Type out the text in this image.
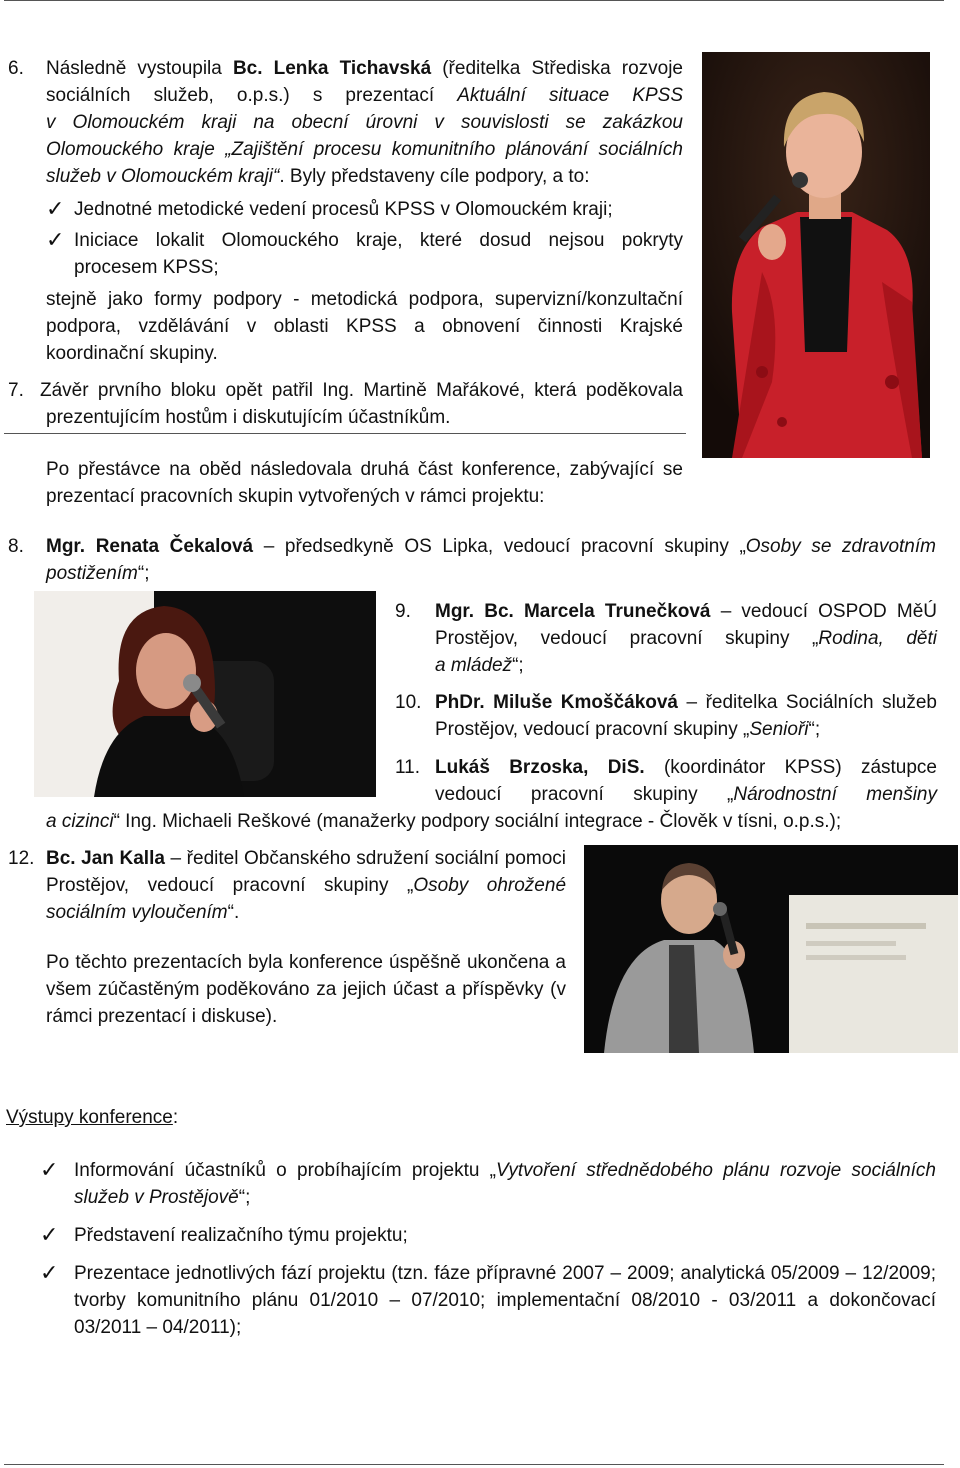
6. Následně vystoupila Bc. Lenka Tichavská (ředitelka Střediska rozvoje
sociálních služeb, o.p.s.) s prezentací Aktuální situace KPSS
v Olomouckém kraji na obecní úrovni v souvislosti se zakázkou
Olomouckého kraje „Zajištění procesu komunitního plánování sociálních
služeb v Olomouckém kraji“. Byly představeny cíle podpory, a to:
✓ Jednotné metodické vedení procesů KPSS v Olomouckém kraji;
✓ Iniciace lokalit Olomouckého kraje, které dosud nejsou pokryty
procesem KPSS;
stejně jako formy podpory - metodická podpora, supervizní/konzultační
podpora, vzdělávání v oblasti KPSS a obnovení činnosti Krajské
koordinační skupiny.
7. Závěr prvního bloku opět patřil Ing. Martině Mařákové, která poděkovala
prezentujícím hostům i diskutujícím účastníkům.
Po přestávce na oběd následovala druhá část konference, zabývající se
prezentací pracovních skupin vytvořených v rámci projektu:
8. Mgr. Renata Čekalová – předsedkyně OS Lipka, vedoucí pracovní skupiny „Osoby se zdravotním
postižením“;
9. Mgr. Bc. Marcela Trunečková – vedoucí OSPOD MěÚ
Prostějov, vedoucí pracovní skupiny „Rodina, děti
a mládež“;
10. PhDr. Miluše Kmoščáková – ředitelka Sociálních služeb
Prostějov, vedoucí pracovní skupiny „Senioři“;
11. Lukáš Brzoska, DiS. (koordinátor KPSS) zástupce
vedoucí pracovní skupiny „Národnostní menšiny
a cizinci“ Ing. Michaeli Reškové (manažerky podpory sociální integrace - Člověk v tísni, o.p.s.);
12. Bc. Jan Kalla – ředitel Občanského sdružení sociální pomoci
Prostějov, vedoucí pracovní skupiny „Osoby ohrožené
sociálním vyloučením“.
Po těchto prezentacích byla konference úspěšně ukončena a
všem zúčastěným poděkováno za jejich účast a příspěvky (v
rámci prezentací i diskuse).
Výstupy konference:
✓ Informování účastníků o probíhajícím projektu „Vytvoření střednědobého plánu rozvoje sociálních
služeb v Prostějově“;
✓ Představení realizačního týmu projektu;
✓ Prezentace jednotlivých fází projektu (tzn. fáze přípravné 2007 – 2009; analytická 05/2009 – 12/2009;
tvorby komunitního plánu 01/2010 – 07/2010; implementační 08/2010 - 03/2011 a dokončovací
03/2011 – 04/2011);
